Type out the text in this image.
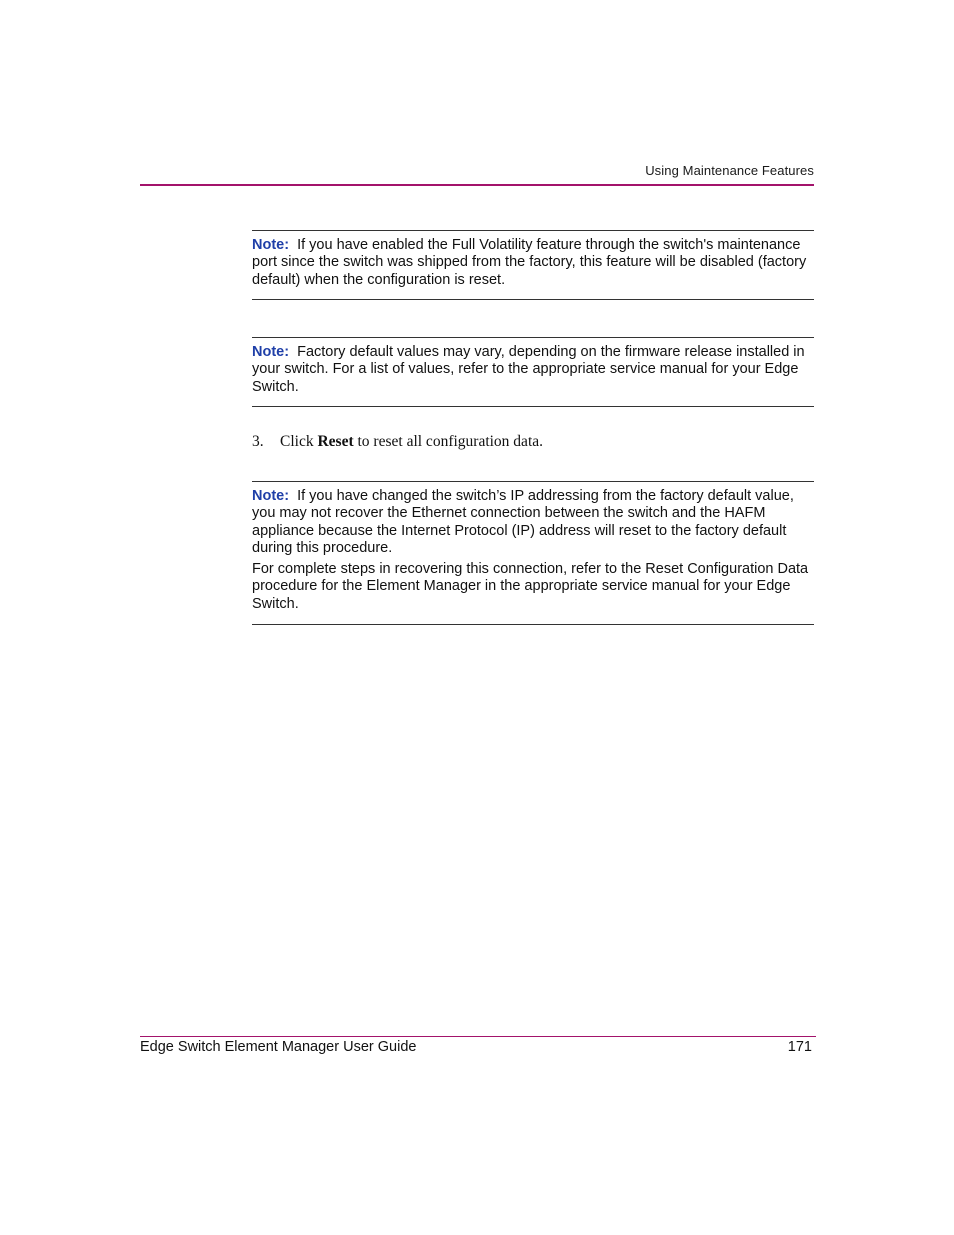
Using Maintenance Features

Note: If you have enabled the Full Volatility feature through the switch's maintenance port since the switch was shipped from the factory, this feature will be disabled (factory default) when the configuration is reset.

Note: Factory default values may vary, depending on the firmware release installed in your switch. For a list of values, refer to the appropriate service manual for your Edge Switch.

3. Click Reset to reset all configuration data.

Note: If you have changed the switch’s IP addressing from the factory default value, you may not recover the Ethernet connection between the switch and the HAFM appliance because the Internet Protocol (IP) address will reset to the factory default during this procedure.

For complete steps in recovering this connection, refer to the Reset Configuration Data procedure for the Element Manager in the appropriate service manual for your Edge Switch.

Edge Switch Element Manager User Guide	171
